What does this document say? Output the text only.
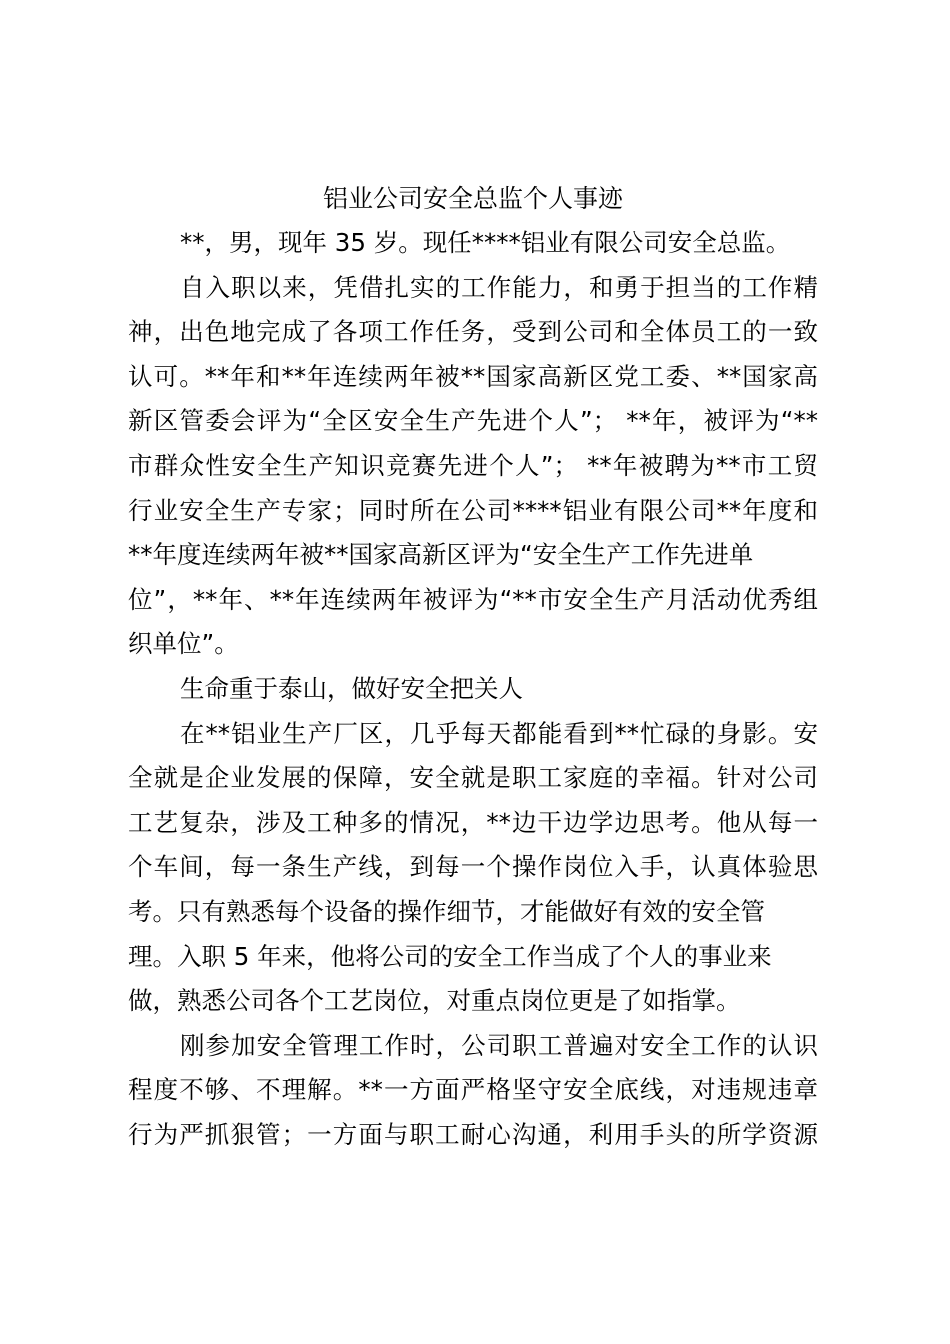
铝业公司安全总监个人事迹
**，男，现年 35 岁。现任****铝业有限公司安全总监。
自入职以来，凭借扎实的工作能力，和勇于担当的工作精
神，出色地完成了各项工作任务，受到公司和全体员工的一致
认可。**年和**年连续两年被**国家高新区党工委、**国家高
新区管委会评为“全区安全生产先进个人”； **年，被评为“**
市群众性安全生产知识竞赛先进个人”； **年被聘为**市工贸
行业安全生产专家；同时所在公司****铝业有限公司**年度和
**年度连续两年被**国家高新区评为“安全生产工作先进单
位”，**年、**年连续两年被评为“**市安全生产月活动优秀组
织单位”。
生命重于泰山，做好安全把关人
在**铝业生产厂区，几乎每天都能看到**忙碌的身影。安
全就是企业发展的保障，安全就是职工家庭的幸福。针对公司
工艺复杂，涉及工种多的情况，**边干边学边思考。他从每一
个车间，每一条生产线，到每一个操作岗位入手，认真体验思
考。只有熟悉每个设备的操作细节，才能做好有效的安全管
理。入职 5 年来，他将公司的安全工作当成了个人的事业来
做，熟悉公司各个工艺岗位，对重点岗位更是了如指掌。
刚参加安全管理工作时，公司职工普遍对安全工作的认识
程度不够、不理解。**一方面严格坚守安全底线，对违规违章
行为严抓狠管；一方面与职工耐心沟通，利用手头的所学资源
